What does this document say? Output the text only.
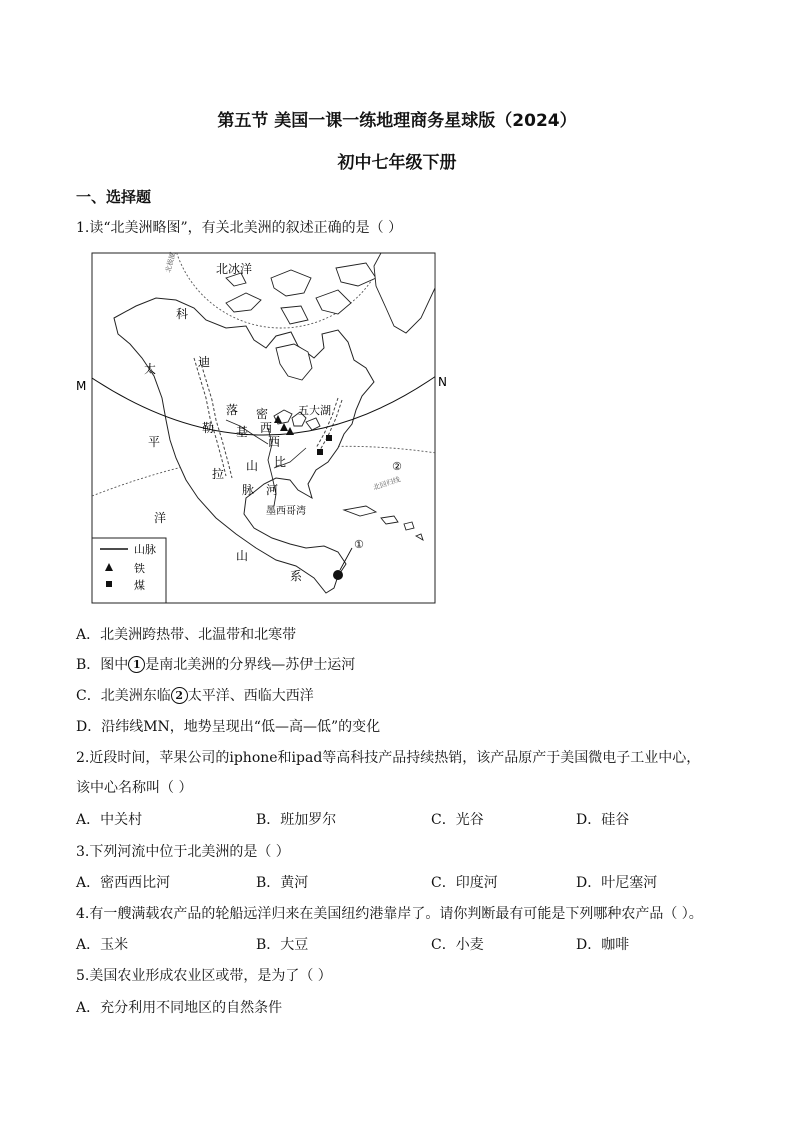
第五节 美国一课一练地理商务星球版（2024）
初中七年级下册
一、选择题
1.读“北美洲略图”，有关北美洲的叙述正确的是（ ）
北冰洋
北极圈
科
太	迪
M	N
落 密	五大湖
勒 基 西
西
平
山 比
拉
脉 河
②
北回归线
墨西哥湾
洋
①
山
系
山脉
铁
煤
A．北美洲跨热带、北温带和北寒带
B．图中 1 是南北美洲的分界线—苏伊士运河
C．北美洲东临 2 太平洋、西临大西洋
D．沿纬线MN，地势呈现出“低—高—低”的变化
2.近段时间，苹果公司的iphone和ipad等高科技产品持续热销，该产品原产于美国微电子工业中心，
该中心名称叫（ ）
A．中关村	B．班加罗尔	C．光谷	D．硅谷
3.下列河流中位于北美洲的是（ ）
A．密西西比河	B．黄河	C．印度河	D．叶尼塞河
4.有一艘满载农产品的轮船远洋归来在美国纽约港靠岸了。请你判断最有可能是下列哪种农产品（ ）。
A．玉米	B．大豆	C．小麦	D．咖啡
5.美国农业形成农业区或带，是为了（ ）
A．充分利用不同地区的自然条件
